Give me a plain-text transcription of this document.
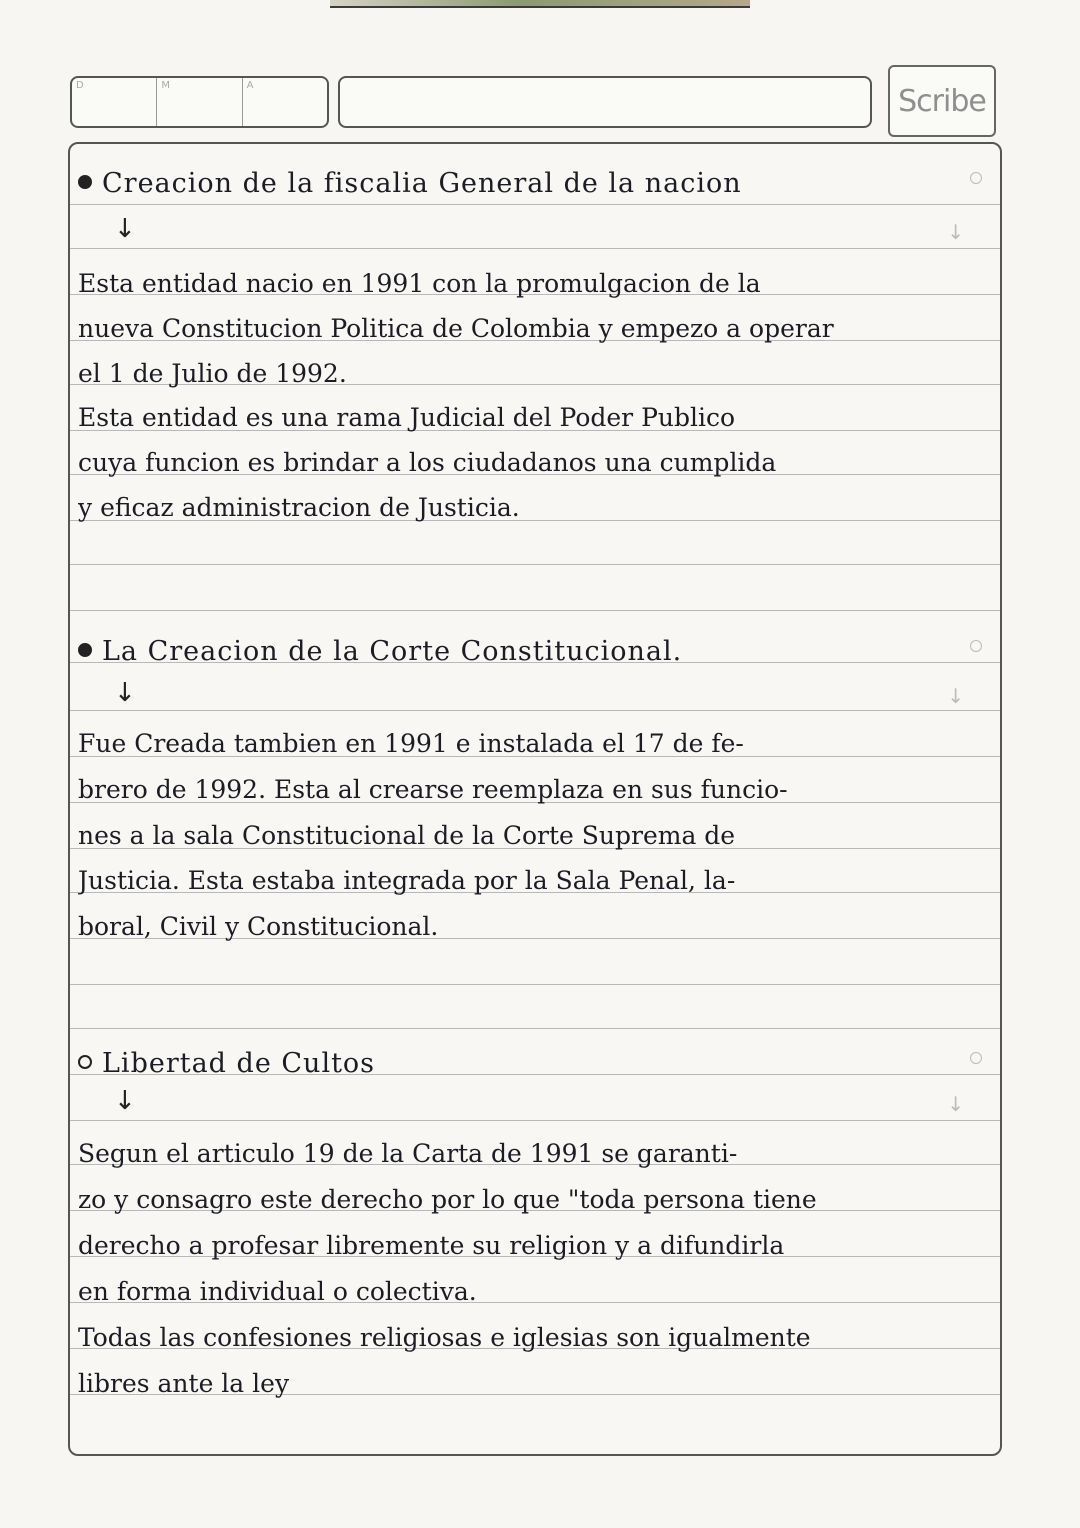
D	M	A	Scribe
Creacion de la fiscalia General de la nacion
↓	↓
Esta entidad nacio en 1991 con la promulgacion de la
nueva Constitucion Politica de Colombia y empezo a operar
el 1 de Julio de 1992.
Esta entidad es una rama Judicial del Poder Publico
cuya funcion es brindar a los ciudadanos una cumplida
y eficaz administracion de Justicia.
La Creacion de la Corte Constitucional.
↓	↓
Fue Creada tambien en 1991 e instalada el 17 de fe-
brero de 1992. Esta al crearse reemplaza en sus funcio-
nes a la sala Constitucional de la Corte Suprema de
Justicia. Esta estaba integrada por la Sala Penal, la-
boral, Civil y Constitucional.
Libertad de Cultos
↓	↓
Segun el articulo 19 de la Carta de 1991 se garanti-
zo y consagro este derecho por lo que "toda persona tiene
derecho a profesar libremente su religion y a difundirla
en forma individual o colectiva.
Todas las confesiones religiosas e iglesias son igualmente
libres ante la ley
